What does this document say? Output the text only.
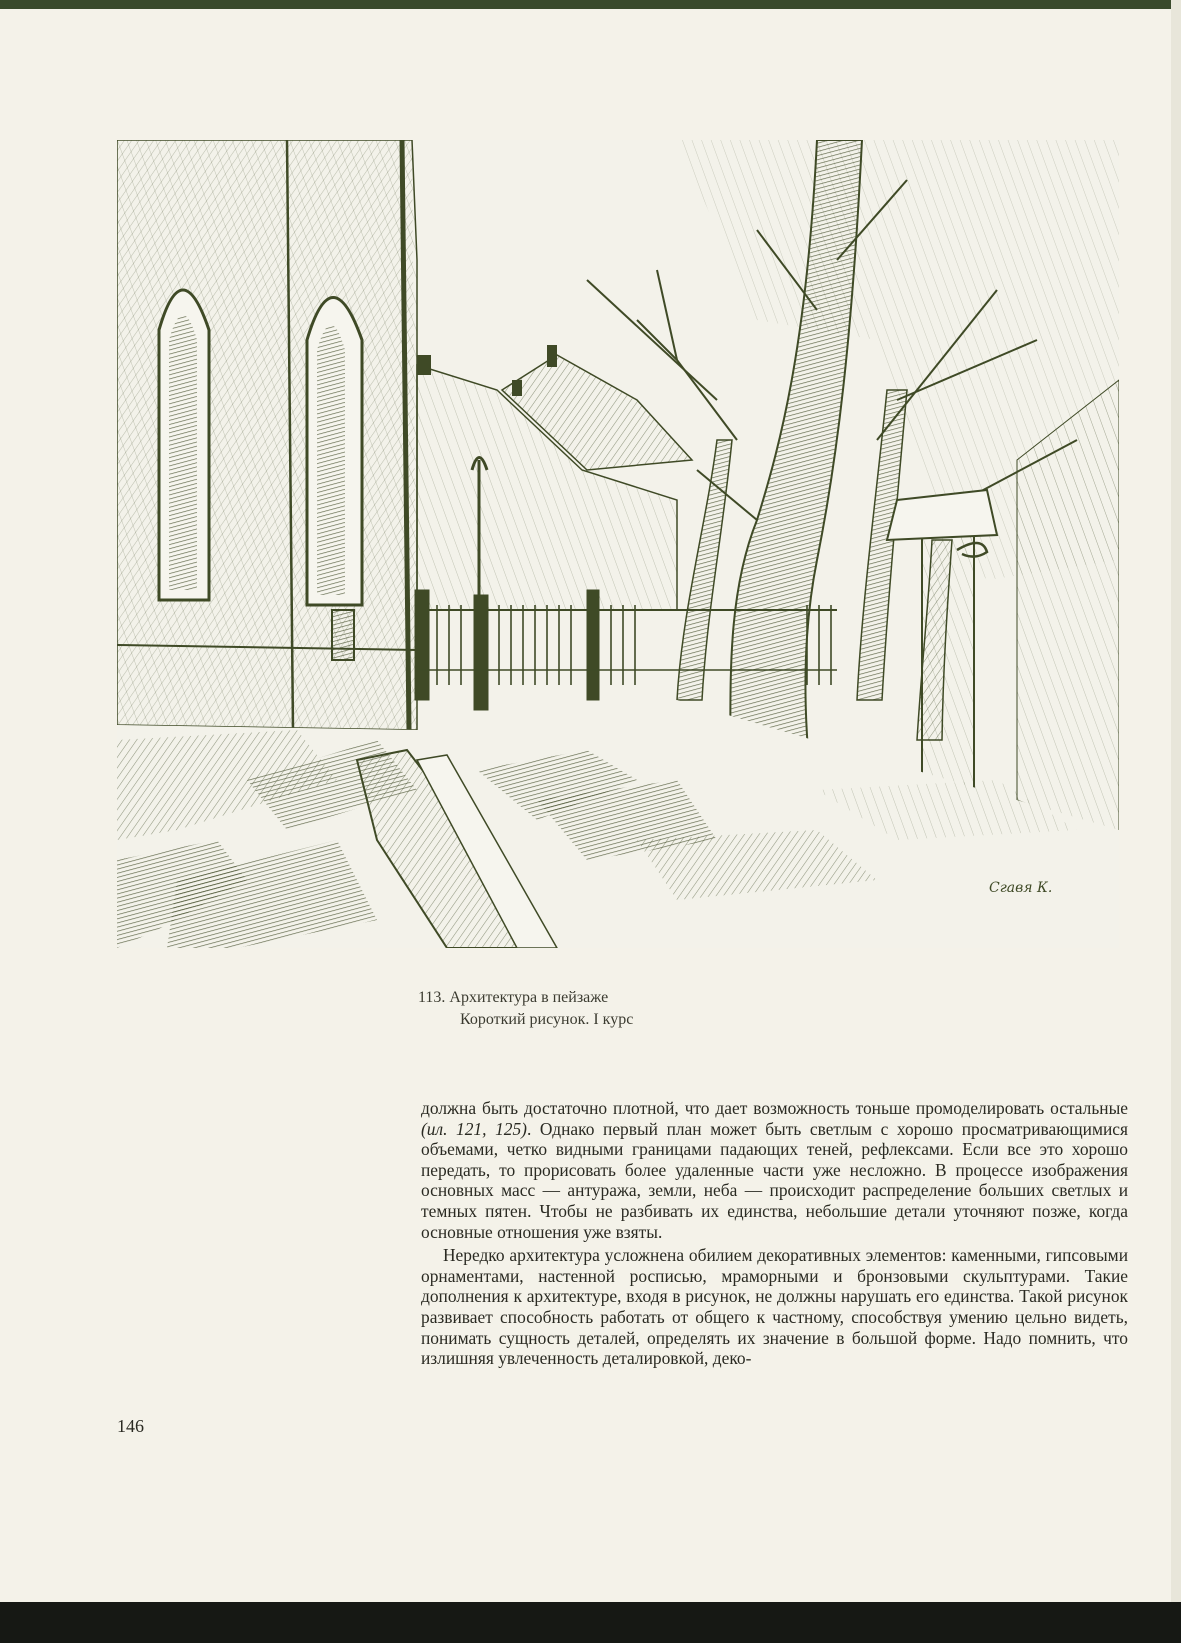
Сгавя К.
113. Архитектура в пейзаже
Короткий рисунок. I курс

должна быть достаточно плотной, что дает возможность тоньше промоделировать остальные (ил. 121, 125). Однако первый план может быть светлым с хорошо просматривающимися объемами, четко видными границами падающих теней, рефлексами. Если все это хорошо передать, то прорисовать более удаленные части уже несложно. В процессе изображения основных масс — антуража, земли, неба — происходит распределение больших светлых и темных пятен. Чтобы не разбивать их единства, небольшие детали уточняют позже, когда основные отношения уже взяты.

Нередко архитектура усложнена обилием декоративных элементов: каменными, гипсовыми орнаментами, настенной росписью, мраморными и бронзовыми скульптурами. Такие дополнения к архитектуре, входя в рисунок, не должны нарушать его единства. Такой рисунок развивает способность работать от общего к частному, способствуя умению цельно видеть, понимать сущность деталей, определять их значение в большой форме. Надо помнить, что излишняя увлеченность деталировкой, деко-

146
